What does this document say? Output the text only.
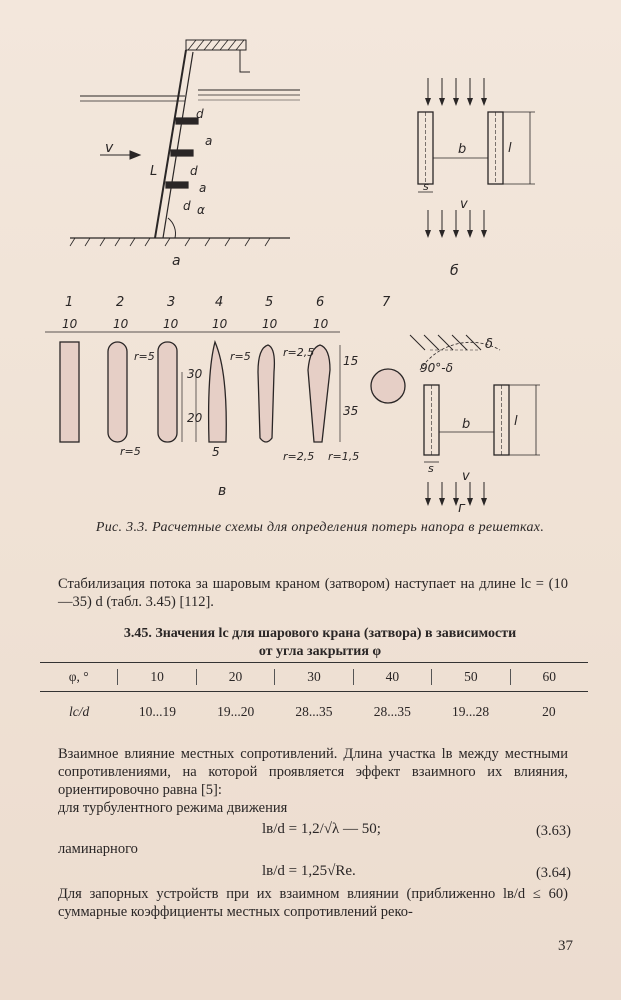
v
L
d
a
d
a
d α
а
b	l
s
v
б
1	2	3	4	5	6	7
10	10	10	10	10	10
r=5	r=5	r=2,5
r=5	r=2,5 r=1,5
30
20
5
15
35
в
90°-δ
δ
b	l
s
v
г
Рис. 3.3. Расчетные схемы для определения потерь напора в решетках.
Стабилизация потока за шаровым краном (затвором) наступает на длине lс = (10—35) d (табл. 3.45) [112].
3.45. Значения lс для шарового крана (затвора) в зависимости
от угла закрытия φ
φ, °	10	20	30	40	50	60
lс/d	10...19	19...20	28...35	28...35	19...28	20
Взаимное влияние местных сопротивлений. Длина участка lв между местными сопротивлениями, на которой проявляется эффект взаимного их влияния, ориентировочно равна [5]:
для турбулентного режима движения
lв/d = 1,2/√λ — 50;	(3.63)
ламинарного
lв/d = 1,25√Re.	(3.64)
Для запорных устройств при их взаимном влиянии (приближенно lв/d ≤ 60) суммарные коэффициенты местных сопротивлений реко-
37
